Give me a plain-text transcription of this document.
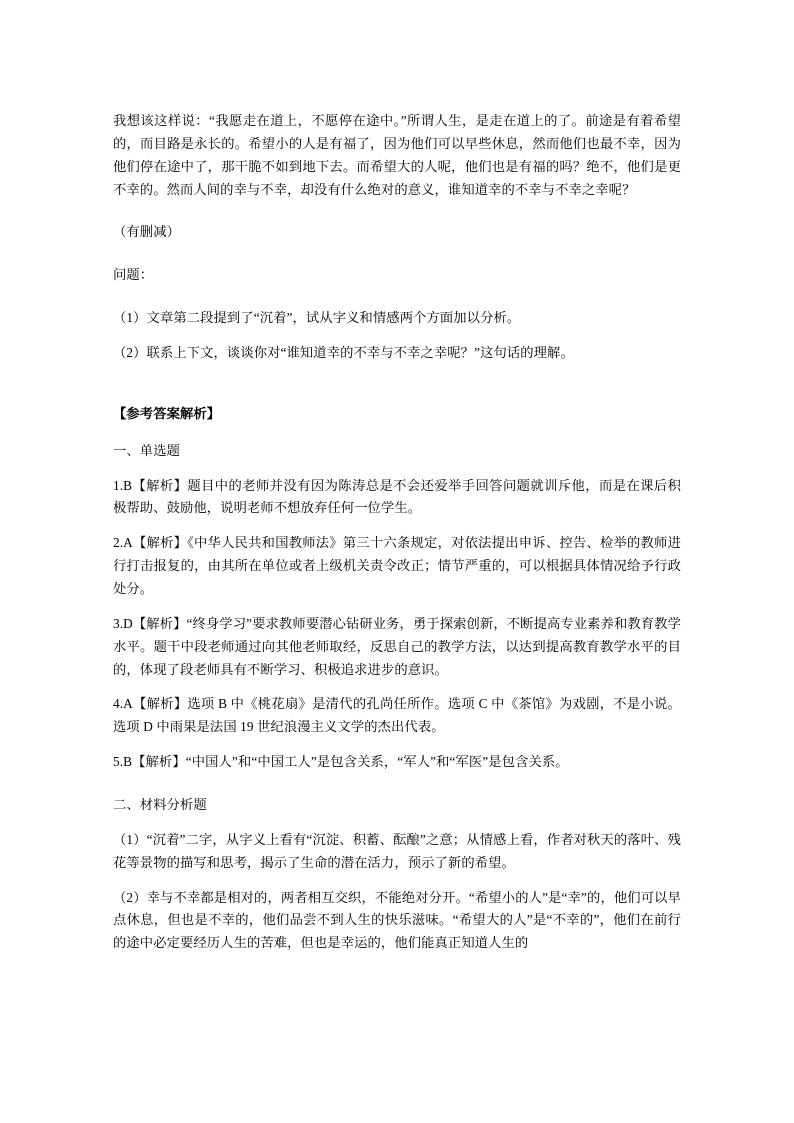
我想该这样说：“我愿走在道上，不愿停在途中。”所谓人生，是走在道上的了。前途是有着希望的，而目路是永长的。希望小的人是有福了，因为他们可以早些休息，然而他们也最不幸，因为他们停在途中了，那干脆不如到地下去。而希望大的人呢，他们也是有福的吗？绝不，他们是更不幸的。然而人间的幸与不幸，却没有什么绝对的意义，谁知道幸的不幸与不幸之幸呢？

（有删减）

问题：

（1）文章第二段提到了“沉着”，试从字义和情感两个方面加以分析。

（2）联系上下文，谈谈你对“谁知道幸的不幸与不幸之幸呢？”这句话的理解。

【参考答案解析】

一、单选题

1.B【解析】题目中的老师并没有因为陈涛总是不会还爱举手回答问题就训斥他，而是在课后积极帮助、鼓励他，说明老师不想放弃任何一位学生。

2.A【解析】《中华人民共和国教师法》第三十六条规定，对依法提出申诉、控告、检举的教师进行打击报复的，由其所在单位或者上级机关责令改正；情节严重的，可以根据具体情况给予行政处分。

3.D【解析】“终身学习”要求教师要潜心钻研业务，勇于探索创新，不断提高专业素养和教育教学水平。题干中段老师通过向其他老师取经，反思自己的教学方法，以达到提高教育教学水平的目的，体现了段老师具有不断学习、积极追求进步的意识。

4.A【解析】选项 B 中《桃花扇》是清代的孔尚任所作。选项 C 中《茶馆》为戏剧，不是小说。选项 D 中雨果是法国 19 世纪浪漫主义文学的杰出代表。

5.B【解析】“中国人”和“中国工人”是包含关系，“军人”和“军医”是包含关系。

二、材料分析题

（1）“沉着”二字，从字义上看有“沉淀、积蓄、酝酿”之意；从情感上看，作者对秋天的落叶、残花等景物的描写和思考，揭示了生命的潜在活力，预示了新的希望。

（2）幸与不幸都是相对的，两者相互交织，不能绝对分开。“希望小的人”是“幸”的，他们可以早点休息，但也是不幸的，他们品尝不到人生的快乐滋味。“希望大的人”是“不幸的”，他们在前行的途中必定要经历人生的苦难，但也是幸运的，他们能真正知道人生的
